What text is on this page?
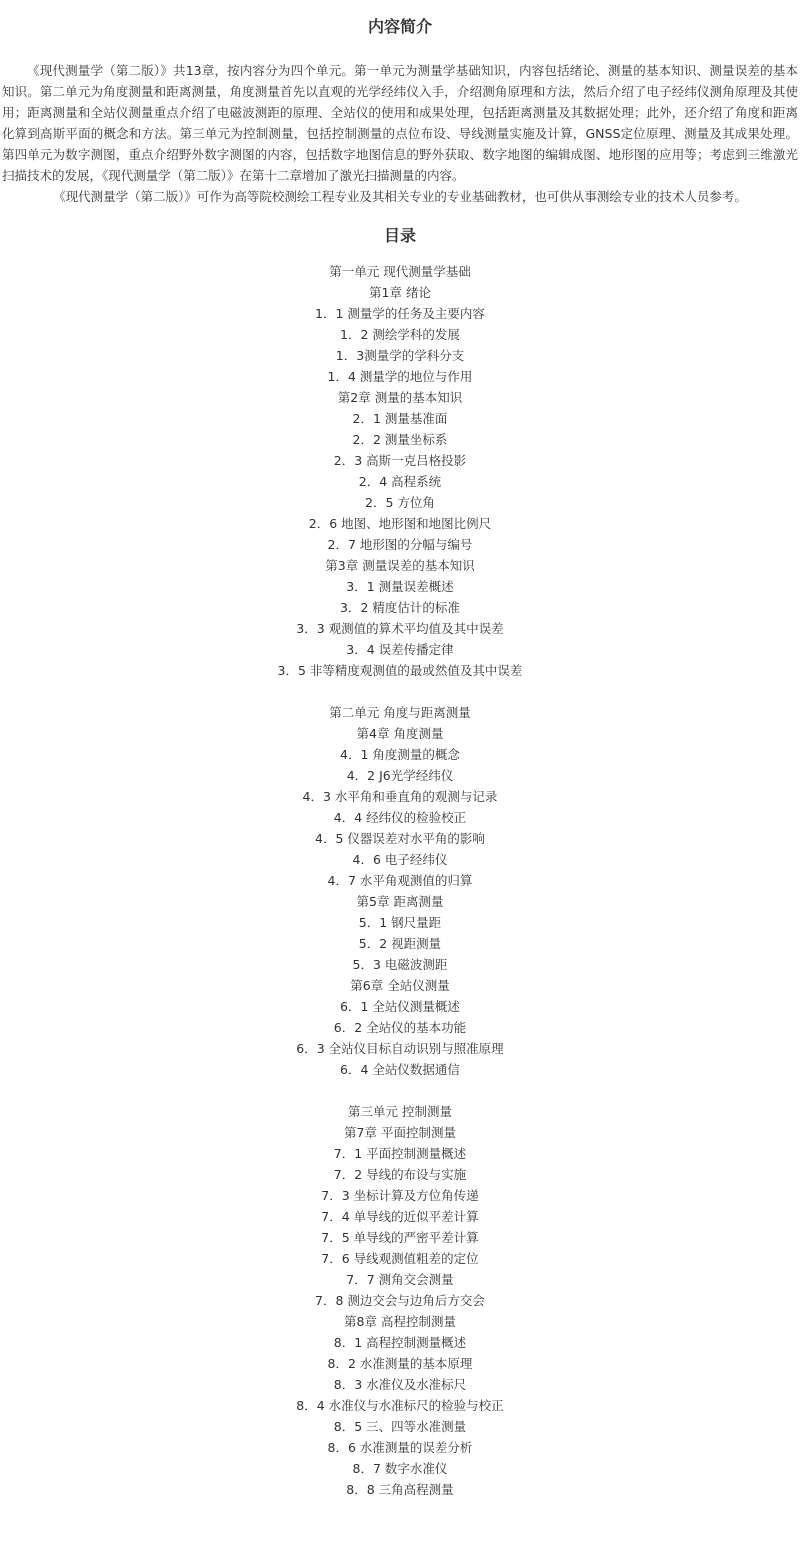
内容简介

《现代测量学（第二版）》共13章，按内容分为四个单元。第一单元为测量学基础知识，内容包括绪论、测量的基本知识、测量误差的基本知识。第二单元为角度测量和距离测量，角度测量首先以直观的光学经纬仪入手，介绍测角原理和方法，然后介绍了电子经纬仪测角原理及其使用；距离测量和全站仪测量重点介绍了电磁波测距的原理、全站仪的使用和成果处理，包括距离测量及其数据处理；此外，还介绍了角度和距离化算到高斯平面的概念和方法。第三单元为控制测量，包括控制测量的点位布设、导线测量实施及计算，GNSS定位原理、测量及其成果处理。第四单元为数字测图，重点介绍野外数字测图的内容，包括数字地图信息的野外获取、数字地图的编辑成图、地形图的应用等；考虑到三维激光扫描技术的发展，《现代测量学（第二版）》在第十二章增加了激光扫描测量的内容。

《现代测量学（第二版）》可作为高等院校测绘工程专业及其相关专业的专业基础教材，也可供从事测绘专业的技术人员参考。

目录
第一单元 现代测量学基础
第1章 绪论
1．1 测量学的任务及主要内容
1．2 测绘学科的发展
1．3测量学的学科分支
1．4 测量学的地位与作用
第2章 测量的基本知识
2．1 测量基准面
2．2 测量坐标系
2．3 高斯一克吕格投影
2．4 高程系统
2．5 方位角
2．6 地图、地形图和地图比例尺
2．7 地形图的分幅与编号
第3章 测量误差的基本知识
3．1 测量误差概述
3．2 精度估计的标准
3．3 观测值的算术平均值及其中误差
3．4 误差传播定律
3．5 非等精度观测值的最或然值及其中误差
第二单元 角度与距离测量
第4章 角度测量
4．1 角度测量的概念
4．2 J6光学经纬仪
4．3 水平角和垂直角的观测与记录
4．4 经纬仪的检验校正
4．5 仪器误差对水平角的影响
4．6 电子经纬仪
4．7 水平角观测值的归算
第5章 距离测量
5．1 钢尺量距
5．2 视距测量
5．3 电磁波测距
第6章 全站仪测量
6．1 全站仪测量概述
6．2 全站仪的基本功能
6．3 全站仪目标自动识别与照准原理
6．4 全站仪数据通信
第三单元 控制测量
第7章 平面控制测量
7．1 平面控制测量概述
7．2 导线的布设与实施
7．3 坐标计算及方位角传递
7．4 单导线的近似平差计算
7．5 单导线的严密平差计算
7．6 导线观测值粗差的定位
7．7 测角交会测量
7．8 测边交会与边角后方交会
第8章 高程控制测量
8．1 高程控制测量概述
8．2 水准测量的基本原理
8．3 水准仪及水准标尺
8．4 水准仪与水准标尺的检验与校正
8．5 三、四等水准测量
8．6 水准测量的误差分析
8．7 数字水准仪
8．8 三角高程测量
